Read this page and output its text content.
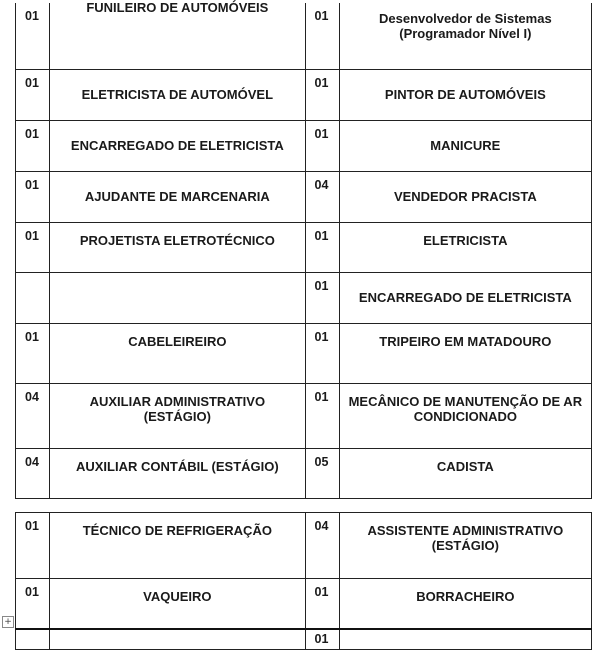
01	FUNILEIRO DE AUTOMÓVEIS	01	Desenvolvedor de Sistemas (Programador Nível I)

01	ELETRICISTA DE AUTOMÓVEL	01	PINTOR DE AUTOMÓVEIS
01	ENCARREGADO DE ELETRICISTA	01	MANICURE
01	AJUDANTE DE MARCENARIA	04	VENDEDOR PRACISTA
01	PROJETISTA ELETROTÉCNICO	01	ELETRICISTA
		01	ENCARREGADO DE ELETRICISTA
01	CABELEIREIRO	01	TRIPEIRO EM MATADOURO
04	AUXILIAR ADMINISTRATIVO (ESTÁGIO)	01	MECÂNICO DE MANUTENÇÃO DE AR CONDICIONADO
04	AUXILIAR CONTÁBIL (ESTÁGIO)	05	CADISTA
01	TÉCNICO DE REFRIGERAÇÃO	04	ASSISTENTE ADMINISTRATIVO (ESTÁGIO)
01	VAQUEIRO	01	BORRACHEIRO
		01	
+
